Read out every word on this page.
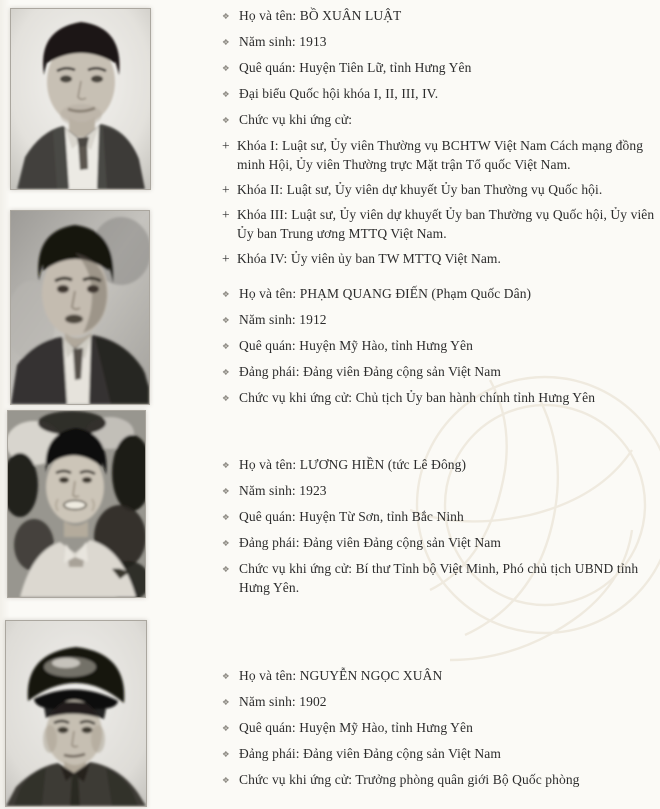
❖ Họ và tên: BỒ XUÂN LUẬT
❖ Năm sinh: 1913
❖ Quê quán: Huyện Tiên Lữ, tỉnh Hưng Yên
❖ Đại biểu Quốc hội khóa I, II, III, IV.
❖ Chức vụ khi ứng cử:
+ Khóa I: Luật sư, Ủy viên Thường vụ BCHTW Việt Nam Cách mạng đồng minh Hội, Ủy viên Thường trực Mặt trận Tổ quốc Việt Nam.
+ Khóa II: Luật sư, Ủy viên dự khuyết Ủy ban Thường vụ Quốc hội.
+ Khóa III: Luật sư, Ủy viên dự khuyết Ủy ban Thường vụ Quốc hội, Ủy viên Ủy ban Trung ương MTTQ Việt Nam.
+ Khóa IV: Ủy viên ủy ban TW MTTQ Việt Nam.
❖ Họ và tên: PHẠM QUANG ĐIẾN (Phạm Quốc Dân)
❖ Năm sinh: 1912
❖ Quê quán: Huyện Mỹ Hào, tỉnh Hưng Yên
❖ Đảng phái: Đảng viên Đảng cộng sản Việt Nam
❖ Chức vụ khi ứng cử: Chủ tịch Ủy ban hành chính tỉnh Hưng Yên
❖ Họ và tên: LƯƠNG HIỀN (tức Lê Đông)
❖ Năm sinh: 1923
❖ Quê quán: Huyện Từ Sơn, tỉnh Bắc Ninh
❖ Đảng phái: Đảng viên Đảng cộng sản Việt Nam
❖ Chức vụ khi ứng cử: Bí thư Tỉnh bộ Việt Minh, Phó chủ tịch UBND tỉnh Hưng Yên.
❖ Họ và tên: NGUYỄN NGỌC XUÂN
❖ Năm sinh: 1902
❖ Quê quán: Huyện Mỹ Hào, tỉnh Hưng Yên
❖ Đảng phái: Đảng viên Đảng cộng sản Việt Nam
❖ Chức vụ khi ứng cử: Trưởng phòng quân giới Bộ Quốc phòng
